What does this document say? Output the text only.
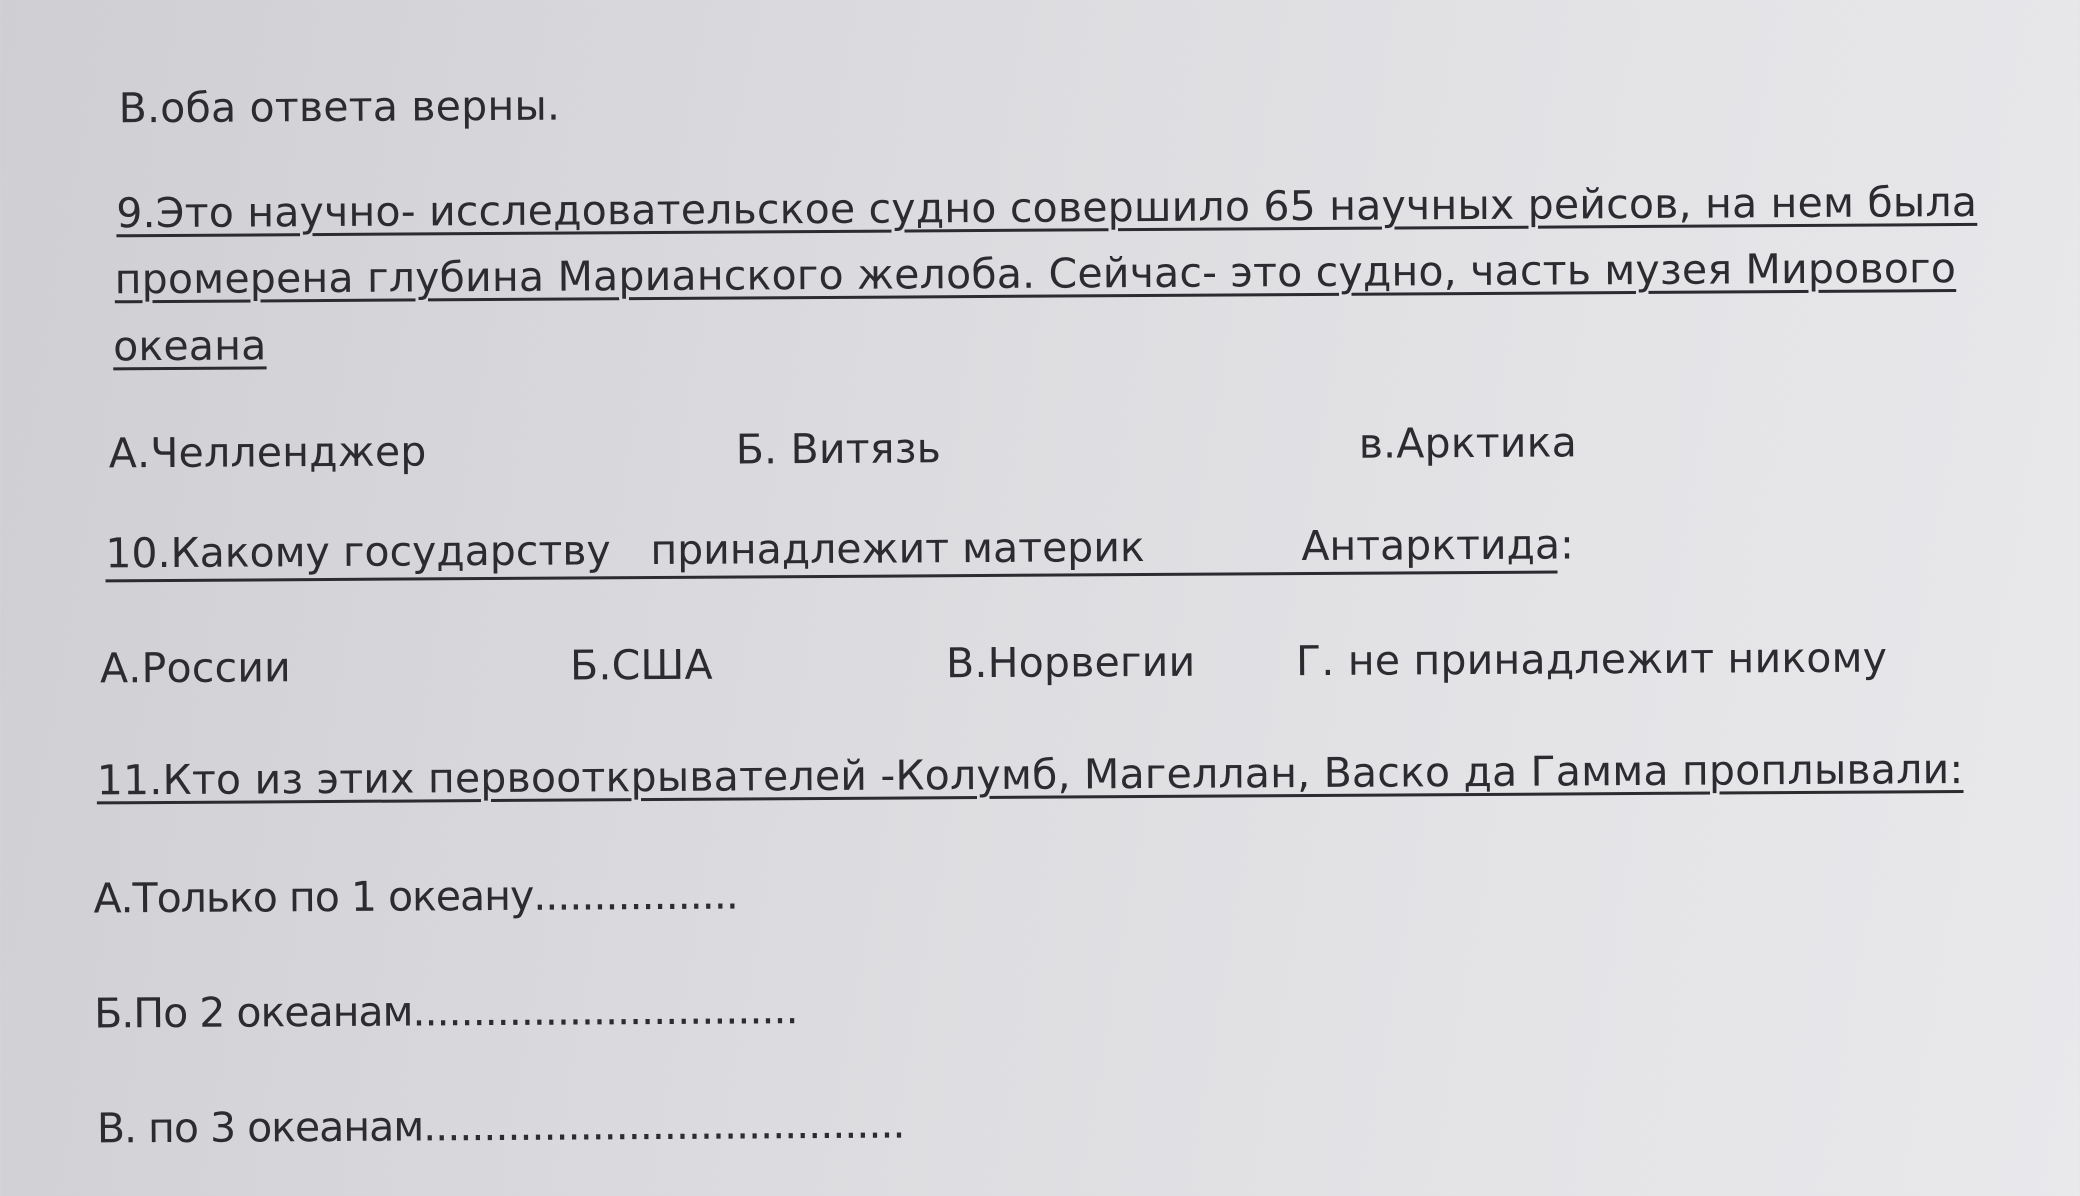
В.оба ответа верны.
9.Это научно- исследовательское судно совершило 65 научных рейсов, на нем была
промерена глубина Марианского желоба. Сейчас- это судно, часть музея Мирового
океана
А.Челленджер	Б. Витязь	в.Арктика
10.Какому государству принадлежит материк	Антарктида:
А.России	Б.США	В.Норвегии Г. не принадлежит никому
11.Кто из этих первооткрывателей -Колумб, Магеллан, Васко да Гамма проплывали:
А.Только по 1 океану.................
Б.По 2 океанам................................
В. по 3 океанам........................................
